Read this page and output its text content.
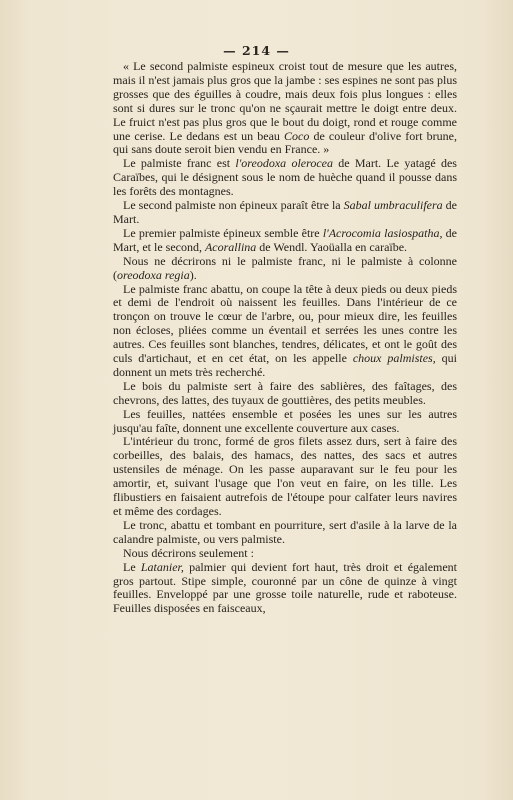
— 214 —

« Le second palmiste espineux croist tout de mesure que les autres, mais il n'est jamais plus gros que la jambe : ses espines ne sont pas plus grosses que des éguilles à coudre, mais deux fois plus longues : elles sont si dures sur le tronc qu'on ne sçaurait mettre le doigt entre deux. Le fruict n'est pas plus gros que le bout du doigt, rond et rouge comme une cerise. Le dedans est un beau Coco de couleur d'olive fort brune, qui sans doute seroit bien vendu en France. »

Le palmiste franc est l'oreodoxa olerocea de Mart. Le yatagé des Caraïbes, qui le désignent sous le nom de huèche quand il pousse dans les forêts des montagnes.

Le second palmiste non épineux paraît être la Sabal umbraculifera de Mart.

Le premier palmiste épineux semble être l'Acrocomia lasiospatha, de Mart, et le second, Acorallina de Wendl. Yaoüalla en caraïbe.

Nous ne décrirons ni le palmiste franc, ni le palmiste à colonne (oreodoxa regia).

Le palmiste franc abattu, on coupe la tête à deux pieds ou deux pieds et demi de l'endroit où naissent les feuilles. Dans l'intérieur de ce tronçon on trouve le cœur de l'arbre, ou, pour mieux dire, les feuilles non écloses, pliées comme un éventail et serrées les unes contre les autres. Ces feuilles sont blanches, tendres, délicates, et ont le goût des culs d'artichaut, et en cet état, on les appelle choux palmistes, qui donnent un mets très recherché.

Le bois du palmiste sert à faire des sablières, des faîtages, des chevrons, des lattes, des tuyaux de gouttières, des petits meubles.

Les feuilles, nattées ensemble et posées les unes sur les autres jusqu'au faîte, donnent une excellente couverture aux cases.

L'intérieur du tronc, formé de gros filets assez durs, sert à faire des corbeilles, des balais, des hamacs, des nattes, des sacs et autres ustensiles de ménage. On les passe auparavant sur le feu pour les amortir, et, suivant l'usage que l'on veut en faire, on les tille. Les flibustiers en faisaient autrefois de l'étoupe pour calfater leurs navires et même des cordages.

Le tronc, abattu et tombant en pourriture, sert d'asile à la larve de la calandre palmiste, ou vers palmiste.

Nous décrirons seulement :

Le Latanier, palmier qui devient fort haut, très droit et également gros partout. Stipe simple, couronné par un cône de quinze à vingt feuilles. Enveloppé par une grosse toile naturelle, rude et raboteuse. Feuilles disposées en faisceaux,
